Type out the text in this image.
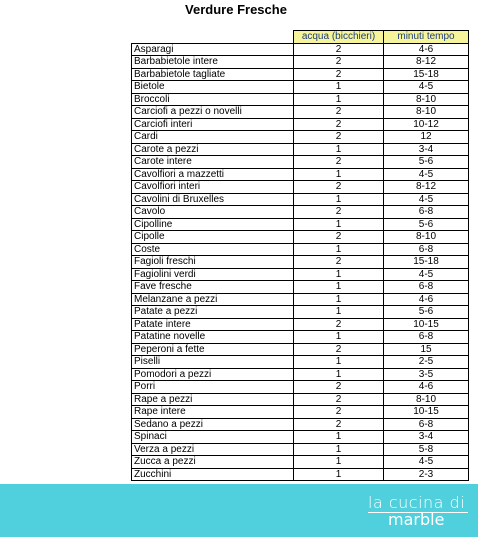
Verdure Fresche
	acqua (bicchieri)	minuti tempo
Asparagi	2	4-6
Barbabietole intere	2	8-12
Barbabietole tagliate	2	15-18
Bietole	1	4-5
Broccoli	1	8-10
Carciofi a pezzi o novelli	2	8-10
Carciofi interi	2	10-12
Cardi	2	12
Carote a pezzi	1	3-4
Carote intere	2	5-6
Cavolfiori a mazzetti	1	4-5
Cavolfiori interi	2	8-12
Cavolini di Bruxelles	1	4-5
Cavolo	2	6-8
Cipolline	1	5-6
Cipolle	2	8-10
Coste	1	6-8
Fagioli freschi	2	15-18
Fagiolini verdi	1	4-5
Fave fresche	1	6-8
Melanzane a pezzi	1	4-6
Patate a pezzi	1	5-6
Patate intere	2	10-15
Patatine novelle	1	6-8
Peperoni a fette	2	15
Piselli	1	2-5
Pomodori a pezzi	1	3-5
Porri	2	4-6
Rape a pezzi	2	8-10
Rape intere	2	10-15
Sedano a pezzi	2	6-8
Spinaci	1	3-4
Verza a pezzi	1	5-8
Zucca a pezzi	1	4-5
Zucchini	1	2-3
la cucina di
marble
